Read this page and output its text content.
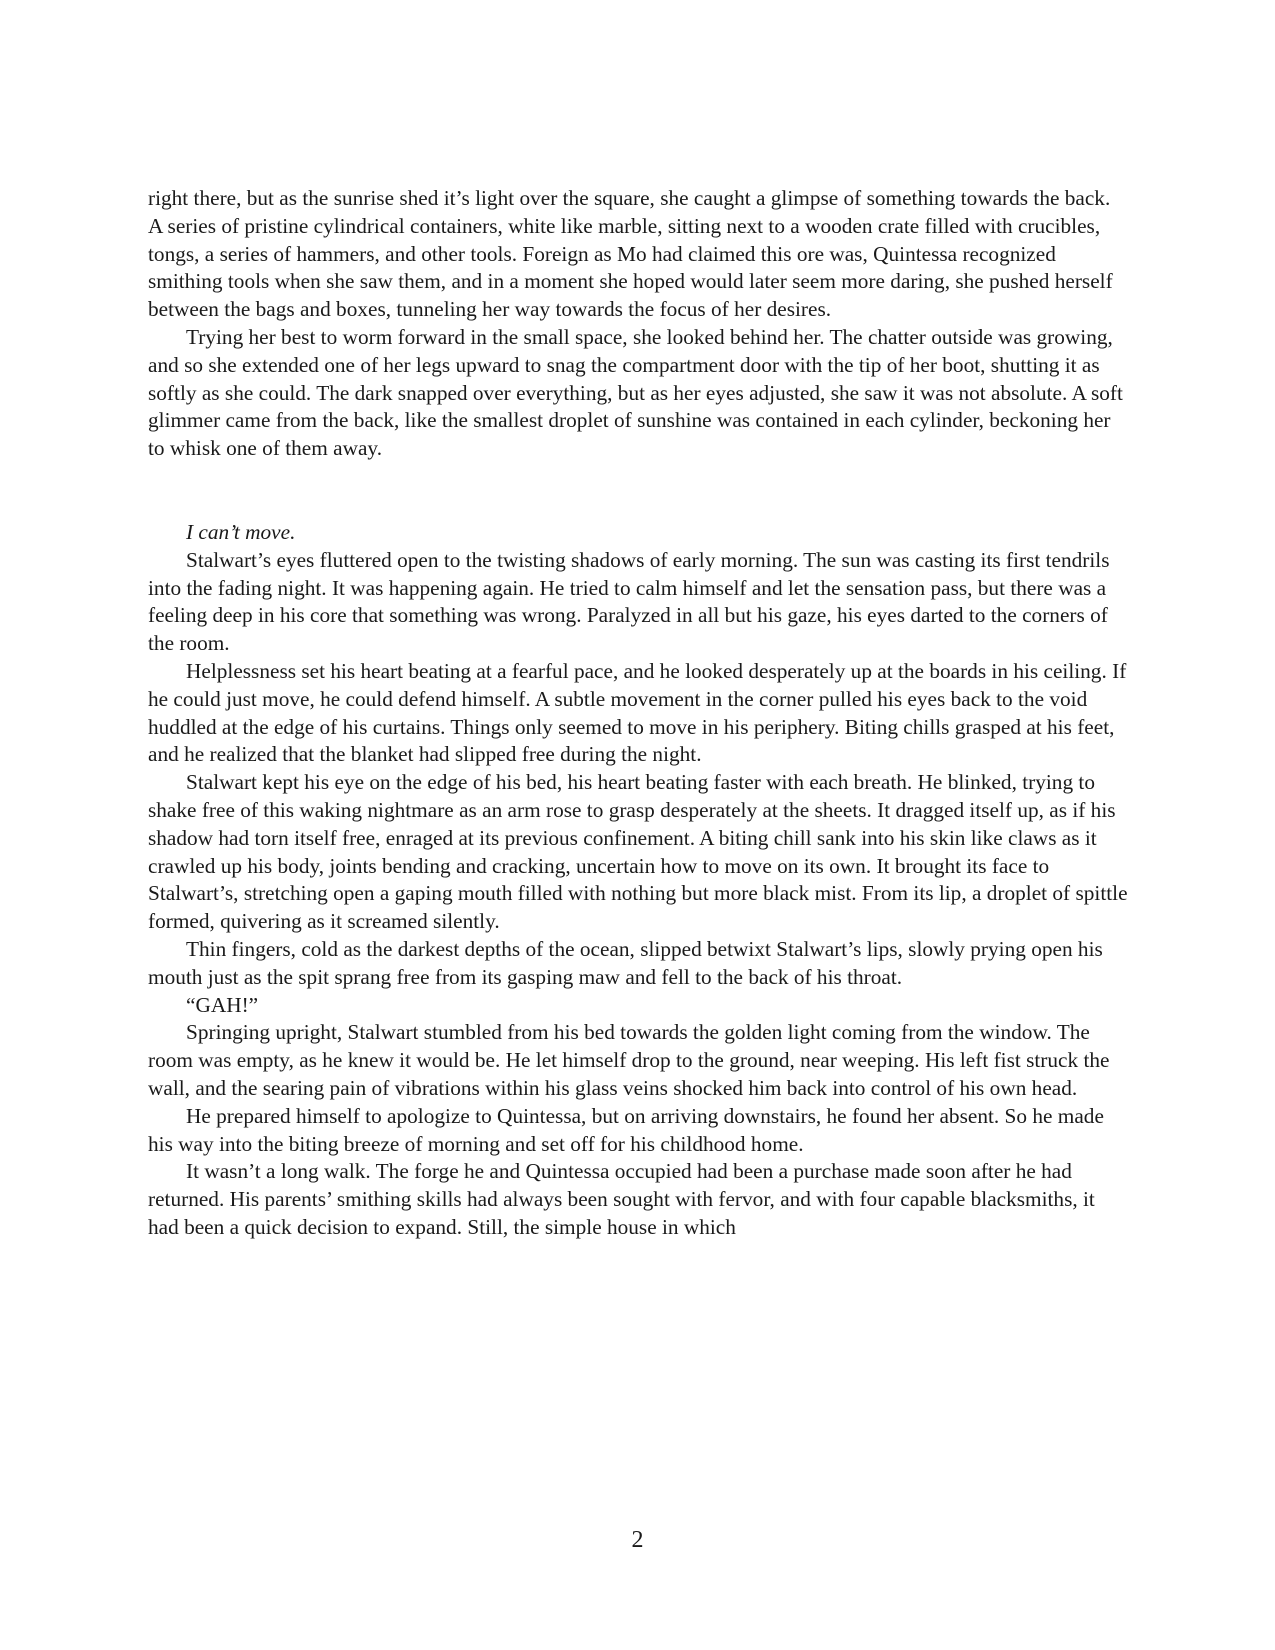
right there, but as the sunrise shed it’s light over the square, she caught a glimpse of something towards the back. A series of pristine cylindrical containers, white like marble, sitting next to a wooden crate filled with crucibles, tongs, a series of hammers, and other tools. Foreign as Mo had claimed this ore was, Quintessa recognized smithing tools when she saw them, and in a moment she hoped would later seem more daring, she pushed herself between the bags and boxes, tunneling her way towards the focus of her desires.

Trying her best to worm forward in the small space, she looked behind her. The chatter outside was growing, and so she extended one of her legs upward to snag the compartment door with the tip of her boot, shutting it as softly as she could. The dark snapped over everything, but as her eyes adjusted, she saw it was not absolute. A soft glimmer came from the back, like the smallest droplet of sunshine was contained in each cylinder, beckoning her to whisk one of them away.

I can’t move.

Stalwart’s eyes fluttered open to the twisting shadows of early morning. The sun was casting its first tendrils into the fading night. It was happening again. He tried to calm himself and let the sensation pass, but there was a feeling deep in his core that something was wrong. Paralyzed in all but his gaze, his eyes darted to the corners of the room.

Helplessness set his heart beating at a fearful pace, and he looked desperately up at the boards in his ceiling. If he could just move, he could defend himself. A subtle movement in the corner pulled his eyes back to the void huddled at the edge of his curtains. Things only seemed to move in his periphery. Biting chills grasped at his feet, and he realized that the blanket had slipped free during the night.

Stalwart kept his eye on the edge of his bed, his heart beating faster with each breath. He blinked, trying to shake free of this waking nightmare as an arm rose to grasp desperately at the sheets. It dragged itself up, as if his shadow had torn itself free, enraged at its previous confinement. A biting chill sank into his skin like claws as it crawled up his body, joints bending and cracking, uncertain how to move on its own. It brought its face to Stalwart’s, stretching open a gaping mouth filled with nothing but more black mist. From its lip, a droplet of spittle formed, quivering as it screamed silently.

Thin fingers, cold as the darkest depths of the ocean, slipped betwixt Stalwart’s lips, slowly prying open his mouth just as the spit sprang free from its gasping maw and fell to the back of his throat.

“GAH!”

Springing upright, Stalwart stumbled from his bed towards the golden light coming from the window. The room was empty, as he knew it would be. He let himself drop to the ground, near weeping. His left fist struck the wall, and the searing pain of vibrations within his glass veins shocked him back into control of his own head.

He prepared himself to apologize to Quintessa, but on arriving downstairs, he found her absent. So he made his way into the biting breeze of morning and set off for his childhood home.

It wasn’t a long walk. The forge he and Quintessa occupied had been a purchase made soon after he had returned. His parents’ smithing skills had always been sought with fervor, and with four capable blacksmiths, it had been a quick decision to expand. Still, the simple house in which

2
